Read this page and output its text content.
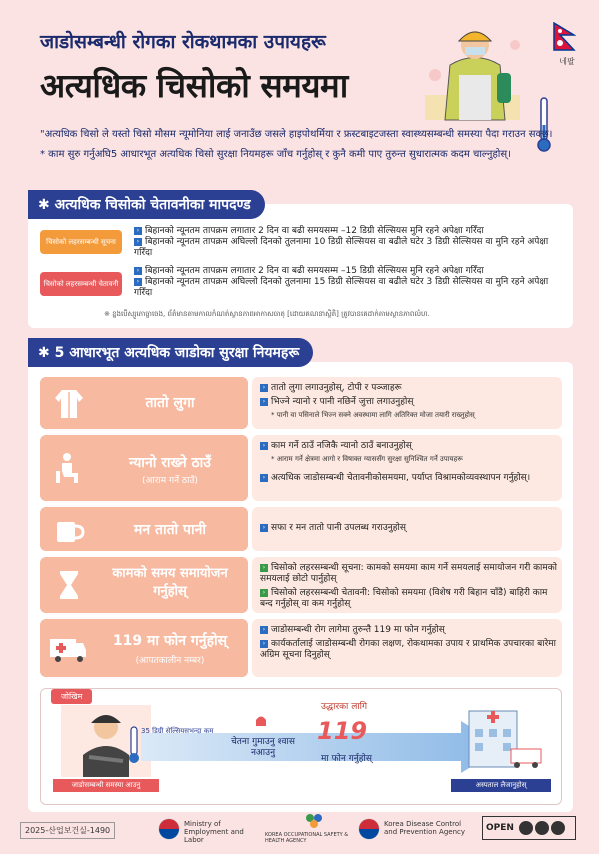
जाडोसम्बन्धी रोगका रोकथामका उपायहरू
अत्यधिक चिसोको समयमा
네팔

"अत्यधिक चिसो ले यस्तो चिसो मौसम न्यूमोनिया लाई जनाउँछ जसले हाइपोथर्मिया र फ्रस्टबाइटजस्ता स्वास्थ्यसम्बन्धी समस्या पैदा गराउन सक्छ।

* काम सुरु गर्नुअघि5 आधारभूत अत्यधिक चिसो सुरक्षा नियमहरू जाँच गर्नुहोस् र कुनै कमी पाए तुरुन्त सुधारात्मक कदम चाल्नुहोस्।

✱ अत्यधिक चिसोको चेतावनीका मापदण्ड
चिसोको लहरसम्बन्धी सूचना
› बिहानको न्यूनतम तापक्रम लगातार 2 दिन वा बढी समयसम्म –12 डिग्री सेल्सियस मुनि रहने अपेक्षा गरिँदा
› बिहानको न्यूनतम तापक्रम अघिल्लो दिनको तुलनामा 10 डिग्री सेल्सियस वा बढीले घटेर 3 डिग्री सेल्सियस वा मुनि रहने अपेक्षा गरिँदा
चिसोको लहरसम्बन्धी चेतावनी
› बिहानको न्यूनतम तापक्रम लगातार 2 दिन वा बढी समयसम्म –15 डिग्री सेल्सियस मुनि रहने अपेक्षा गरिँदा
› बिहानको न्यूनतम तापक्रम अघिल्लो दिनको तुलनामा 15 डिग्री सेल्सियस वा बढीले घटेर 3 डिग्री सेल्सियस वा मुनि रहने अपेक्षा गरिँदा
※ ខ្នងបើស្សួ​ភោច្ចា​ចេង, ព័ត៌មានតាម​កាលកំណត់​ស្ថានភាពអាកាសធាតុ [ដោយ​គណនា​ស្ថិតិ] ត្រូវបានគេដាក់តាមស្ថានភាពលំហ.
✱ 5 आधारभूत अत्यधिक जाडोका सुरक्षा नियमहरू
तातो लुगा
› तातो लुगा लगाउनुहोस्, टोपी र पञ्जाहरू
› भिज्ने न्यानो र पानी नछिर्ने जुत्ता लगाउनुहोस्
* पानी वा पसिनाले भिज्न सक्ने अवस्थामा लागि अतिरिक्त मोजा तयारी राख्नुहोस्
न्यानो राख्ने ठाउँ
(आराम गर्ने ठाउँ)
› काम गर्ने ठाउँ नजिकै न्यानो ठाउँ बनाउनुहोस्
* आराम गर्ने क्षेत्रमा आगो र विषाक्त ग्याससँग सुरक्षा सुनिश्चित गर्ने उपायहरू
› अत्यधिक जाडोसम्बन्धी चेतावनीकोसमयमा, पर्याप्त विश्रामकोव्यवस्थापन गर्नुहोस्।
मन तातो पानी	› सफा र मन तातो पानी उपलब्ध गराउनुहोस्
कामको समय समायोजन गर्नुहोस्
› चिसोको लहरसम्बन्धी सूचना: कामको समयमा काम गर्ने समयलाई समायोजन गरी कामको समयलाई छोटो पार्नुहोस्
› चिसोको लहरसम्बन्धी चेतावनी: चिसोको समयमा (विशेष गरी बिहान चाँडै) बाहिरी काम बन्द गर्नुहोस् वा कम गर्नुहोस्
119 मा फोन गर्नुहोस्
(आपतकालीन नम्बर)
› जाडोसम्बन्धी रोग लागेमा तुरुन्तै 119 मा फोन गर्नुहोस्
› कार्यकर्तालाई जाडोसम्बन्धी रोगका लक्षण, रोकथामका उपाय र प्राथमिक उपचारका बारेमा अग्रिम सूचना दिनुहोस्
जोखिम
जाडोसम्बन्धी समस्या आउनु
35 डिग्री सेल्सियसभन्दा कम
चेतना गुमाउनु श्वास नआउनु
उद्धारका लागि
119
मा फोन गर्नुहोस्
अस्पताल लैजानुहोस्
2025-산업보건실-1490
Ministry of Employment and Labor
KOREA OCCUPATIONAL SAFETY & HEALTH AGENCY
Korea Disease Control and Prevention Agency	OPEN
